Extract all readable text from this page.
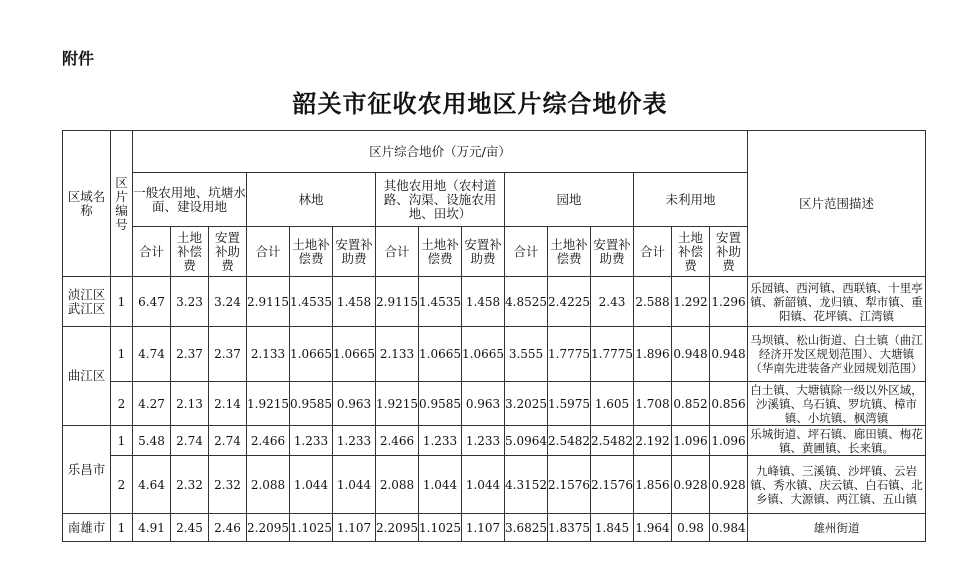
附件
韶关市征收农用地区片综合地价表
区域名称	区片编号	区片综合地价（万元/亩）															区片范围描述
		一般农用地、坑塘水面、建设用地			林地			其他农用地（农村道路、沟渠、设施农用地、田坎）			园地			未利用地			
		合计	土地补偿费	安置补助费	合计	土地补偿费	安置补助费	合计	土地补偿费	安置补助费	合计	土地补偿费	安置补助费	合计	土地补偿费	安置补助费	
浈江区武江区	1	6.47	3.23	3.24	2.9115	1.4535	1.458	2.9115	1.4535	1.458	4.8525	2.4225	2.43	2.588	1.292	1.296	乐园镇、西河镇、西联镇、十里亭镇、新韶镇、龙归镇、犁市镇、重阳镇、花坪镇、江湾镇
曲江区	1	4.74	2.37	2.37	2.133	1.0665	1.0665	2.133	1.0665	1.0665	3.555	1.7775	1.7775	1.896	0.948	0.948	马坝镇、松山街道、白土镇（曲江经济开发区规划范围）、大塘镇（华南先进装备产业园规划范围）
	2	4.27	2.13	2.14	1.9215	0.9585	0.963	1.9215	0.9585	0.963	3.2025	1.5975	1.605	1.708	0.852	0.856	白土镇、大塘镇除一级以外区域，沙溪镇、乌石镇、罗坑镇、樟市镇、小坑镇、枫湾镇
乐昌市	1	5.48	2.74	2.74	2.466	1.233	1.233	2.466	1.233	1.233	5.0964	2.5482	2.5482	2.192	1.096	1.096	乐城街道、坪石镇、廊田镇、梅花镇、黄圃镇、长来镇。
	2	4.64	2.32	2.32	2.088	1.044	1.044	2.088	1.044	1.044	4.3152	2.1576	2.1576	1.856	0.928	0.928	九峰镇、三溪镇、沙坪镇、云岩镇、秀水镇、庆云镇、白石镇、北乡镇、大源镇、两江镇、五山镇
南雄市	1	4.91	2.45	2.46	2.2095	1.1025	1.107	2.2095	1.1025	1.107	3.6825	1.8375	1.845	1.964	0.98	0.984	雄州街道
